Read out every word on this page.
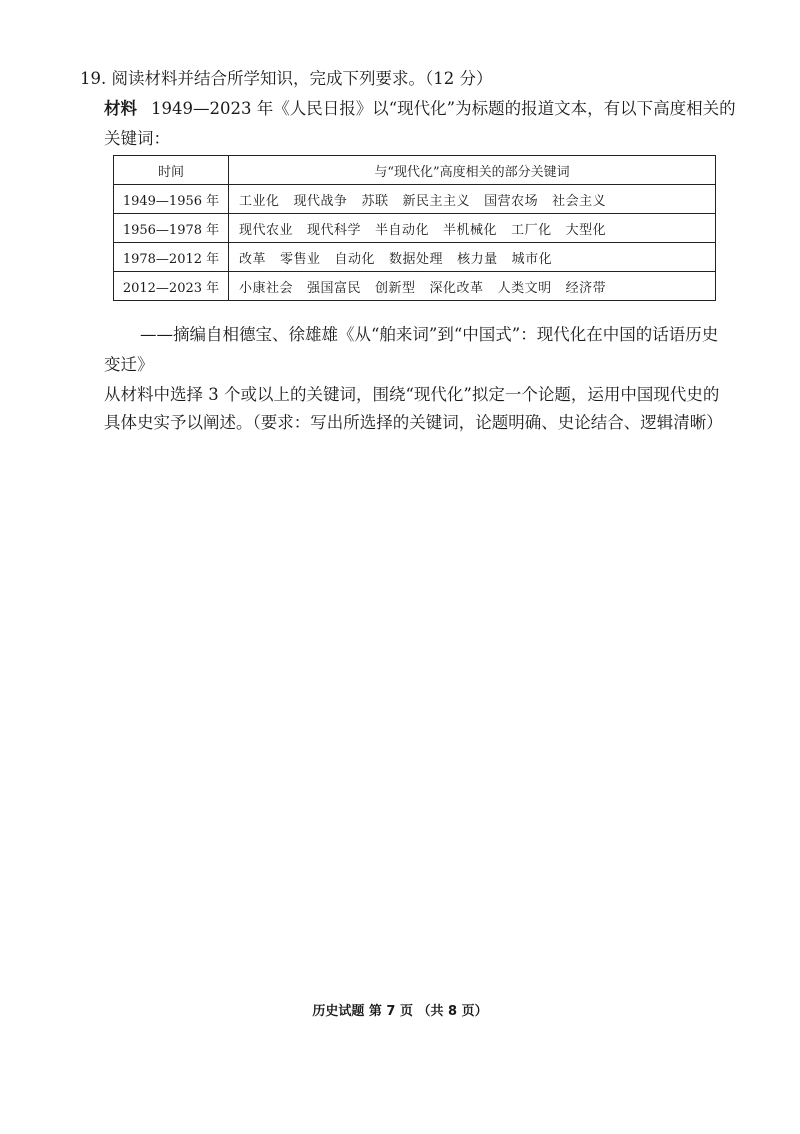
19. 阅读材料并结合所学知识，完成下列要求。（12 分）
材料 1949—2023 年《人民日报》以“现代化”为标题的报道文本，有以下高度相关的
关键词：
时间	与“现代化”高度相关的部分关键词
1949—1956 年	工业化 现代战争 苏联 新民主主义 国营农场 社会主义
1956—1978 年	现代农业 现代科学 半自动化 半机械化 工厂化 大型化
1978—2012 年	改革 零售业 自动化 数据处理 核力量 城市化
2012—2023 年	小康社会 强国富民 创新型 深化改革 人类文明 经济带
——摘编自相德宝、徐雄雄《从“舶来词”到“中国式”：现代化在中国的话语历史
变迁》
从材料中选择 3 个或以上的关键词，围绕“现代化”拟定一个论题，运用中国现代史的
具体史实予以阐述。（要求：写出所选择的关键词，论题明确、史论结合、逻辑清晰）
历史试题 第 7 页 （共 8 页）
